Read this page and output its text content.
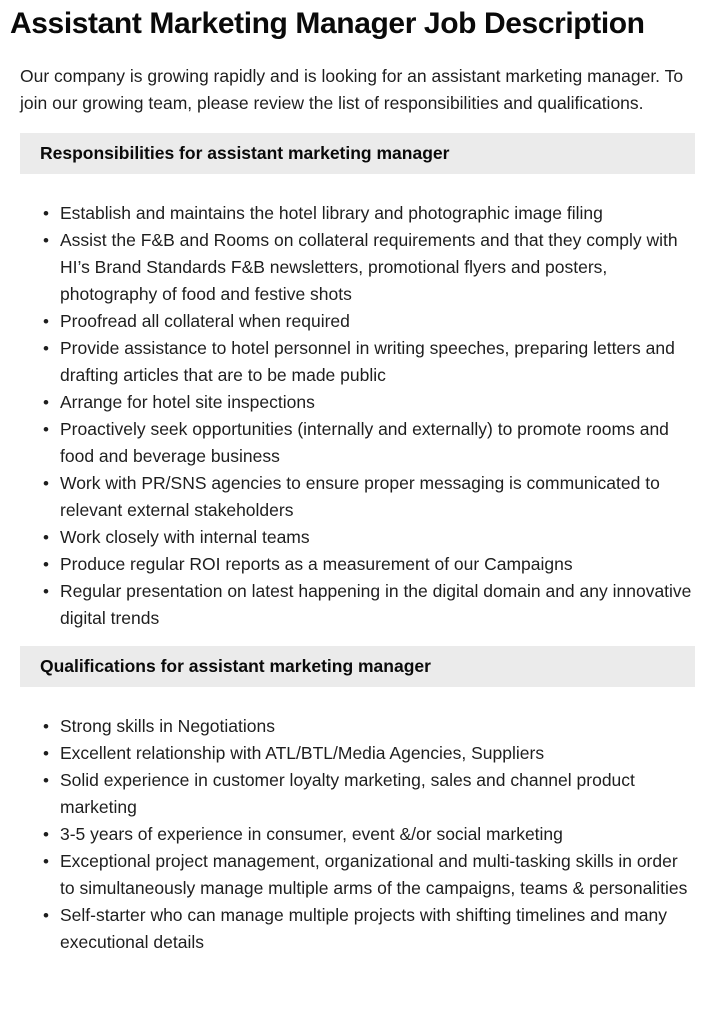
Assistant Marketing Manager Job Description

Our company is growing rapidly and is looking for an assistant marketing manager. To join our growing team, please review the list of responsibilities and qualifications.

Responsibilities for assistant marketing manager
• Establish and maintains the hotel library and photographic image filing
• Assist the F&B and Rooms on collateral requirements and that they comply with HI’s Brand Standards F&B newsletters, promotional flyers and posters, photography of food and festive shots
• Proofread all collateral when required
• Provide assistance to hotel personnel in writing speeches, preparing letters and drafting articles that are to be made public
• Arrange for hotel site inspections
• Proactively seek opportunities (internally and externally) to promote rooms and food and beverage business
• Work with PR/SNS agencies to ensure proper messaging is communicated to relevant external stakeholders
• Work closely with internal teams
• Produce regular ROI reports as a measurement of our Campaigns
• Regular presentation on latest happening in the digital domain and any innovative digital trends
Qualifications for assistant marketing manager
• Strong skills in Negotiations
• Excellent relationship with ATL/BTL/Media Agencies, Suppliers
• Solid experience in customer loyalty marketing, sales and channel product marketing
• 3-5 years of experience in consumer, event &/or social marketing
• Exceptional project management, organizational and multi-tasking skills in order to simultaneously manage multiple arms of the campaigns, teams & personalities
• Self-starter who can manage multiple projects with shifting timelines and many executional details
